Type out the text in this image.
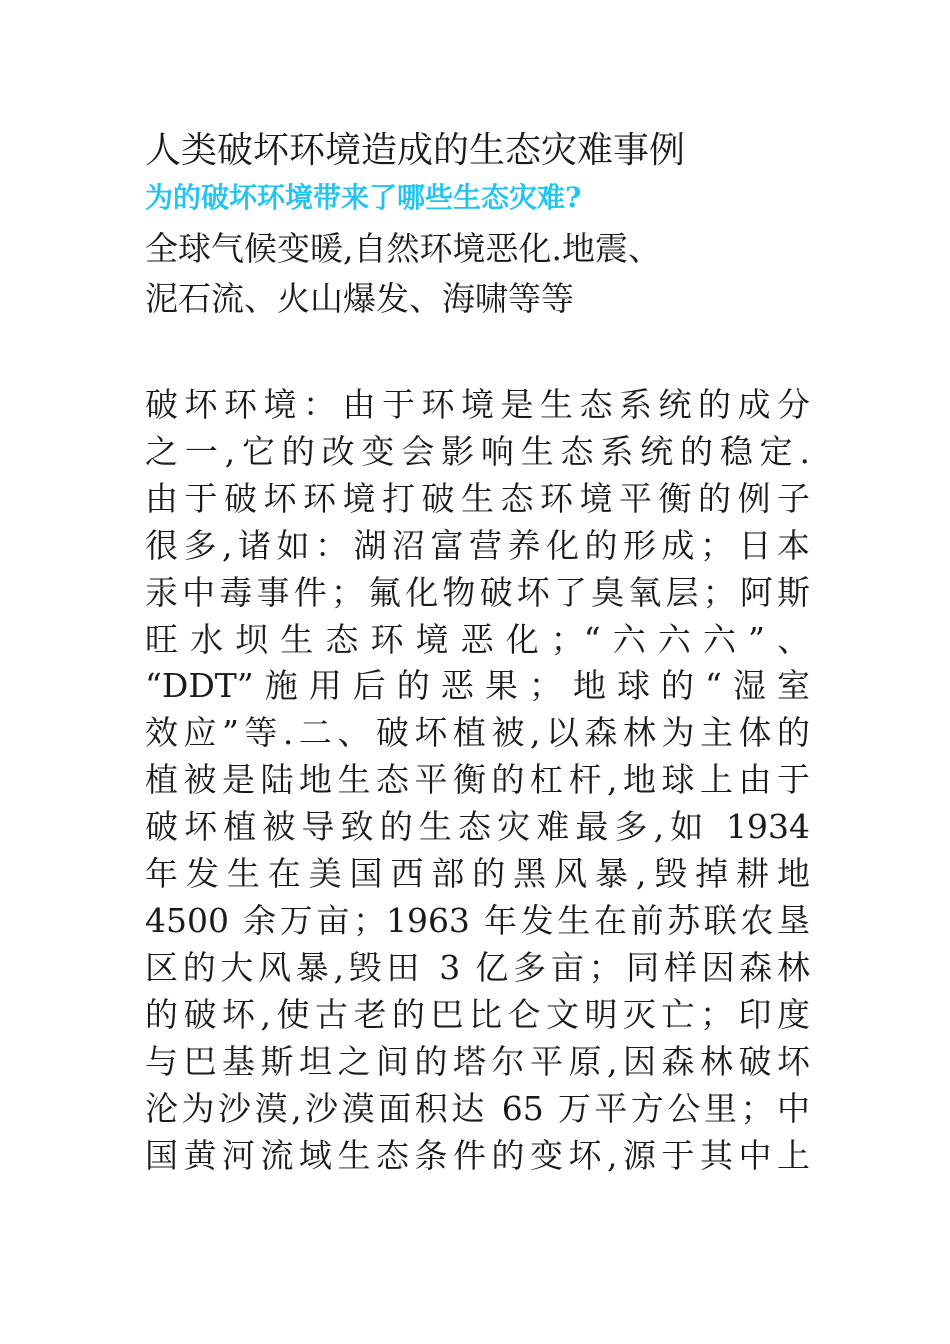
人类破坏环境造成的生态灾难事例

为的破坏环境带来了哪些生态灾难?

全球气候变暖,自然环境恶化.地震、
泥石流、火山爆发、海啸等等

破坏环境：由于环境是生态系统的成分
之一,它的改变会影响生态系统的稳定.
由于破坏环境打破生态环境平衡的例子
很多,诸如：湖沼富营养化的形成；日本
汞中毒事件；氟化物破坏了臭氧层；阿斯
旺水坝生态环境恶化；“六六六”、
“DDT”施用后的恶果；地球的“湿室
效应”等.二、破坏植被,以森林为主体的
植被是陆地生态平衡的杠杆,地球上由于
破坏植被导致的生态灾难最多,如 1934
年发生在美国西部的黑风暴,毁掉耕地
4500 余万亩；1963 年发生在前苏联农垦
区的大风暴,毁田 3 亿多亩；同样因森林
的破坏,使古老的巴比仑文明灭亡；印度
与巴基斯坦之间的塔尔平原,因森林破坏
沦为沙漠,沙漠面积达 65 万平方公里；中
国黄河流域生态条件的变坏,源于其中上
